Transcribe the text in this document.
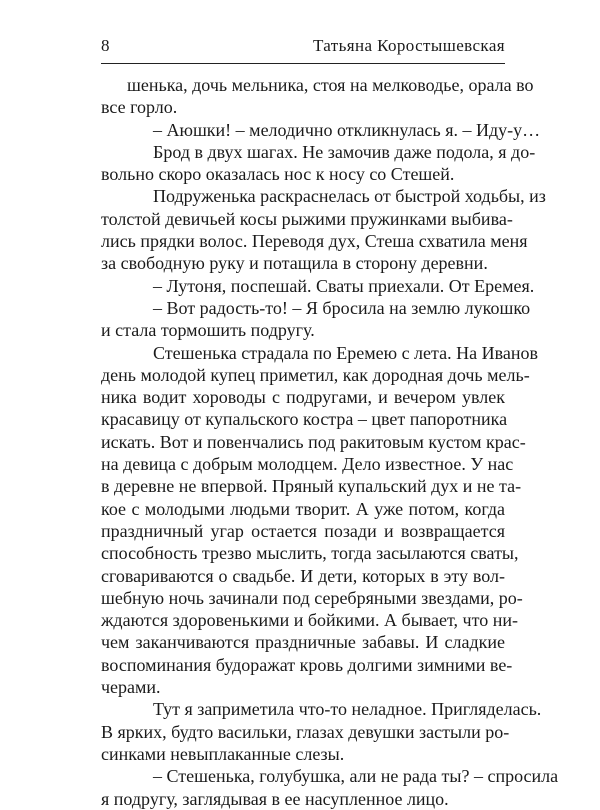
8	Татьяна Коростышевская

шенька, дочь мельника, стоя на мелководье, орала во
все горло.

– Аюшки! – мелодично откликнулась я. – Иду-у…

Брод в двух шагах. Не замочив даже подола, я до-
вольно скоро оказалась нос к носу со Стешей.

Подруженька раскраснелась от быстрой ходьбы, из
толстой девичьей косы рыжими пружинками выбива-
лись прядки волос. Переводя дух, Стеша схватила меня
за свободную руку и потащила в сторону деревни.

– Лутоня, поспешай. Сваты приехали. От Еремея.

– Вот радость-то! – Я бросила на землю лукошко
и стала тормошить подругу.

Стешенька страдала по Еремею с лета. На Иванов
день молодой купец приметил, как дородная дочь мель-
ника водит хороводы с подругами, и вечером увлек
красавицу от купальского костра – цвет папоротника
искать. Вот и повенчались под ракитовым кустом крас-
на девица с добрым молодцем. Дело известное. У нас
в деревне не впервой. Пряный купальский дух и не та-
кое с молодыми людьми творит. А уже потом, когда
праздничный угар остается позади и возвращается
способность трезво мыслить, тогда засылаются сваты,
сговариваются о свадьбе. И дети, которых в эту вол-
шебную ночь зачинали под серебряными звездами, ро-
ждаются здоровенькими и бойкими. А бывает, что ни-
чем заканчиваются праздничные забавы. И сладкие
воспоминания будоражат кровь долгими зимними ве-
черами.

Тут я заприметила что-то неладное. Пригляделась.
В ярких, будто васильки, глазах девушки застыли ро-
синками невыплаканные слезы.

– Стешенька, голубушка, али не рада ты? – спросила
я подругу, заглядывая в ее насупленное лицо.
